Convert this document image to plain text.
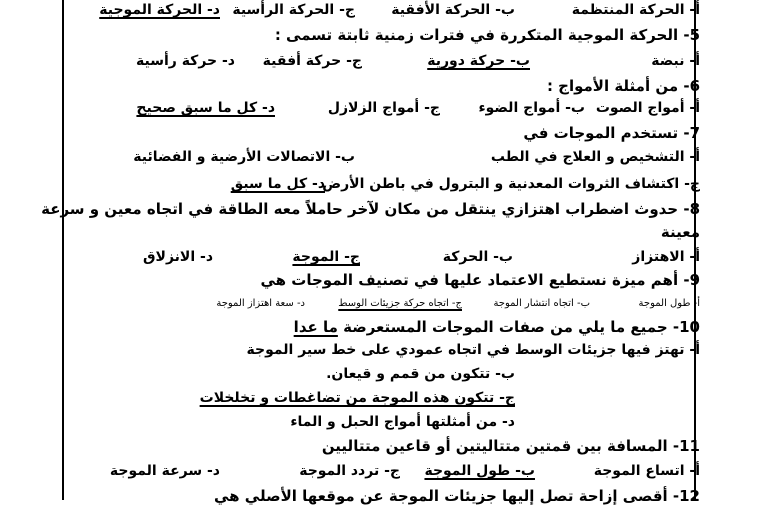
أ- الحركة المنتظمة
ب- الحركة الأفقية
ج- الحركة الرأسية
د- الحركة الموجية
5- الحركة الموجية المتكررة في فترات زمنية ثابتة تسمى :
أ- نبضة
ب- حركة دورية
ج- حركة أفقية
د- حركة رأسية
6- من أمثلة الأمواج :
أ- أمواج الصوت
ب- أمواج الضوء
ج- أمواج الزلازل
د- كل ما سبق صحيح
7- تستخدم الموجات في
أ- التشخيص و العلاج في الطب
ب- الاتصالات الأرضية و الفضائية
ج- اكتشاف الثروات المعدنية و البترول في باطن الأرض
د- كل ما سبق
8- حدوث اضطراب اهتزازي ينتقل من مكان لآخر حاملاً معه الطاقة في اتجاه معين و سرعة
معينة
أ- الاهتزاز
ب- الحركة
ج- الموجة
د- الانزلاق
9- أهم ميزة نستطيع الاعتماد عليها في تصنيف الموجات هي
أ- طول الموجة
ب- اتجاه انتشار الموجة
ج- اتجاه حركة جزيئات الوسط
د- سعة اهتزاز الموجة
10- جميع ما يلي من صفات الموجات المستعرضة ما عدا
أ- تهتز فيها جزيئات الوسط في اتجاه عمودي على خط سير الموجة
ب- تتكون من قمم و قيعان.
ج- تتكون هذه الموجة من تضاغطات و تخلخلات
د- من أمثلتها أمواج الحبل و الماء
11- المسافة بين قمتين متتاليتين أو قاعين متتاليين
أ- اتساع الموجة
ب- طول الموجة
ج- تردد الموجة
د- سرعة الموجة
12- أقصى إزاحة تصل إليها جزيئات الموجة عن موقعها الأصلي هي
